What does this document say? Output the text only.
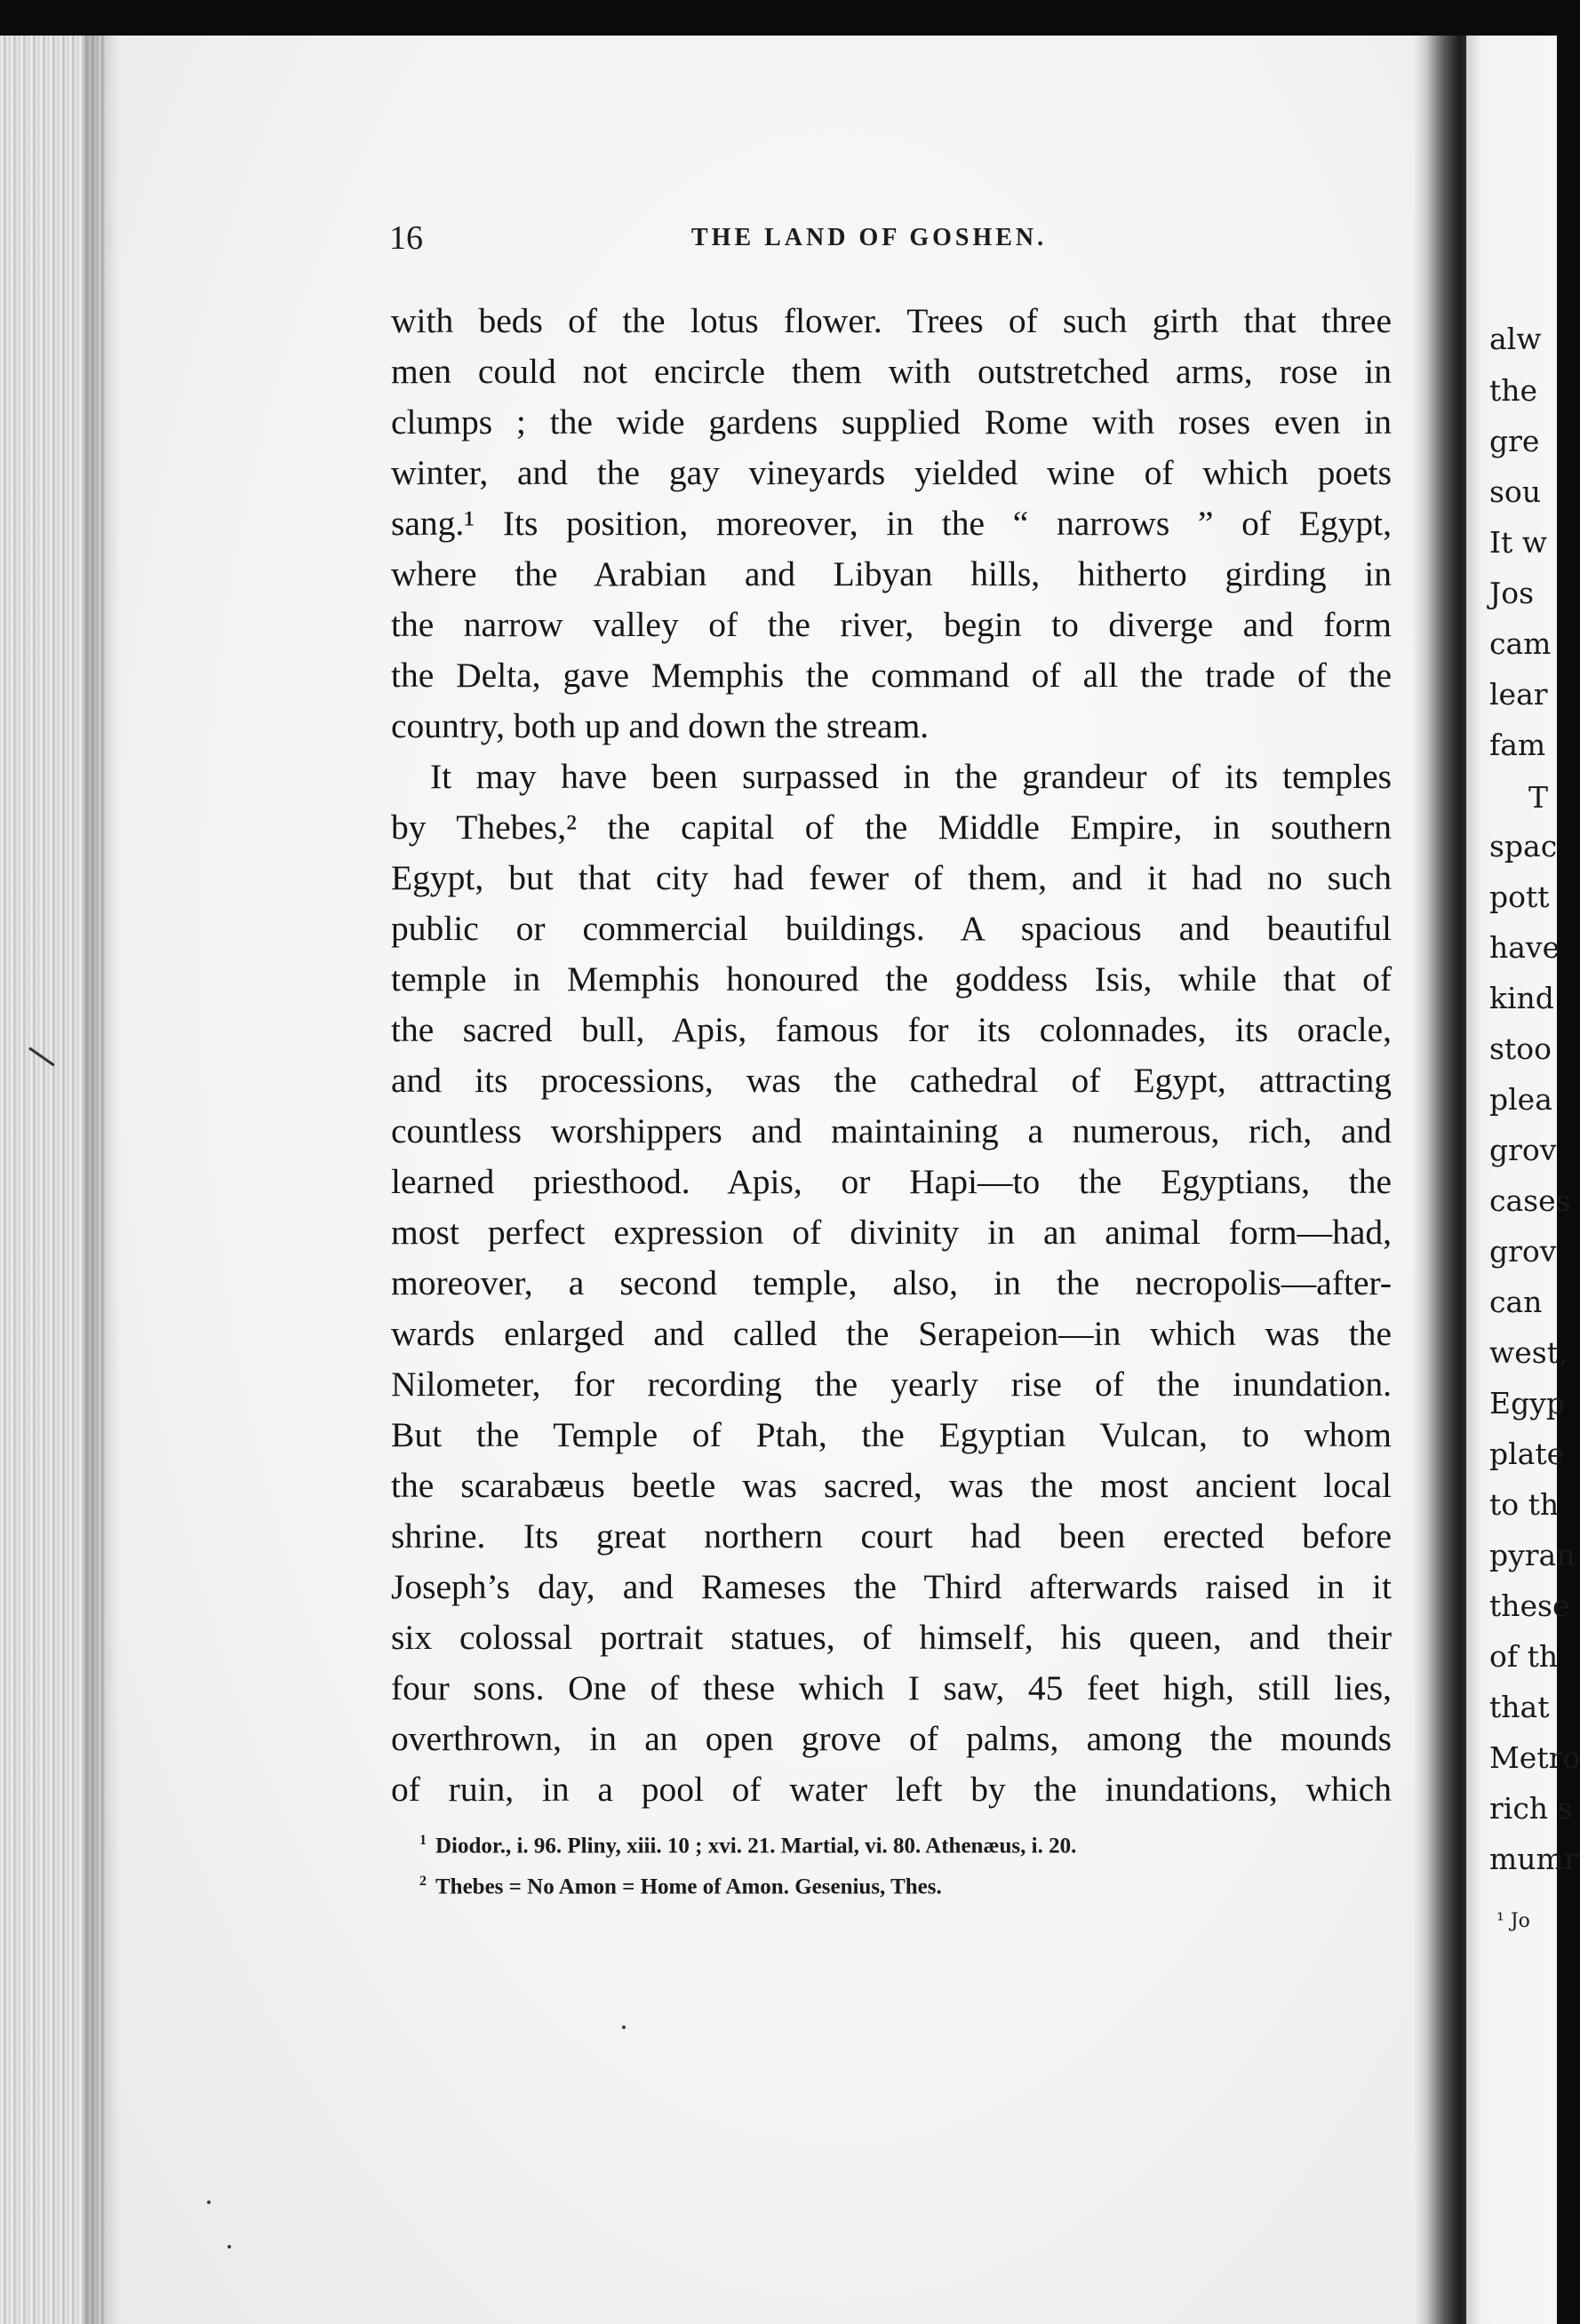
16	THE LAND OF GOSHEN.
with beds of the lotus flower. Trees of such girth that three
men could not encircle them with outstretched arms, rose in
clumps ; the wide gardens supplied Rome with roses even in
winter, and the gay vineyards yielded wine of which poets
sang.¹ Its position, moreover, in the “ narrows ” of Egypt,
where the Arabian and Libyan hills, hitherto girding in
the narrow valley of the river, begin to diverge and form
the Delta, gave Memphis the command of all the trade of the
country, both up and down the stream.
It may have been surpassed in the grandeur of its temples
by Thebes,² the capital of the Middle Empire, in southern
Egypt, but that city had fewer of them, and it had no such
public or commercial buildings. A spacious and beautiful
temple in Memphis honoured the goddess Isis, while that of
the sacred bull, Apis, famous for its colonnades, its oracle,
and its processions, was the cathedral of Egypt, attracting
countless worshippers and maintaining a numerous, rich, and
learned priesthood. Apis, or Hapi—to the Egyptians, the
most perfect expression of divinity in an animal form—had,
moreover, a second temple, also, in the necropolis—after-
wards enlarged and called the Serapeion—in which was the
Nilometer, for recording the yearly rise of the inundation.
But the Temple of Ptah, the Egyptian Vulcan, to whom
the scarabæus beetle was sacred, was the most ancient local
shrine. Its great northern court had been erected before
Joseph’s day, and Rameses the Third afterwards raised in it
six colossal portrait statues, of himself, his queen, and their
four sons. One of these which I saw, 45 feet high, still lies,
overthrown, in an open grove of palms, among the mounds
of ruin, in a pool of water left by the inundations, which
$^1$ Diodor., i. 96. Pliny, xiii. 10 ; xvi. 21. Martial, vi. 80. Athenæus, i. 20.
$^2$ Thebes = No Amon = Home of Amon. Gesenius, Thes.
alw
the
gre
sou
It w
Jos
cam
lear
fam
T
spac
pott
have
kind
stoo
plea
grov
cases
grov
can
west,
Egyp
plate
to th
pyran
these
of th
that
Metro
rich s
mumr
¹ Jo
